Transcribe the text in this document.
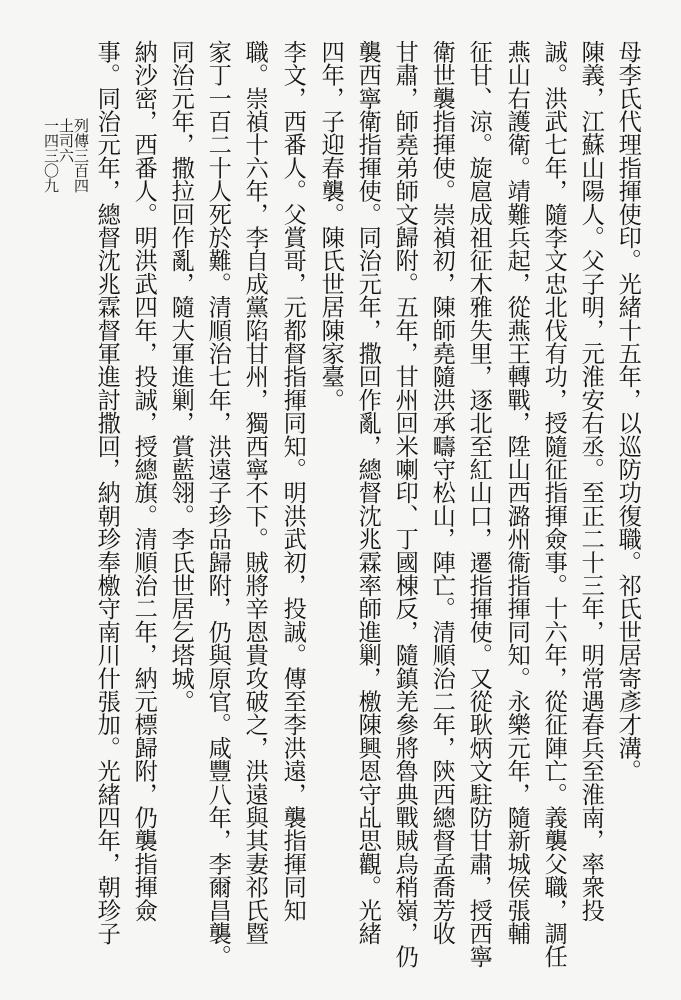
母李氏代理指揮使印。光緒十五年，以巡防功復職。祁氏世居寄彥才溝。
陳義，江蘇山陽人。父子明，元淮安右丞。至正二十三年，明常遇春兵至淮南，率衆投
誠。洪武七年，隨李文忠北伐有功，授隨征指揮僉事。十六年，從征陣亡。義襲父職，調任
燕山右護衛。靖難兵起，從燕王轉戰，陞山西潞州衞指揮同知。永樂元年，隨新城侯張輔
征甘、涼。旋扈成祖征木雅失里，逐北至紅山口，遷指揮使。又從耿炳文駐防甘肅，授西寧
衛世襲指揮使。崇禎初，陳師堯隨洪承疇守松山，陣亡。清順治二年，陝西總督孟喬芳收
甘肅，師堯弟師文歸附。五年，甘州回米喇印、丁國棟反，隨鎮羌參將魯典戰賊烏稍嶺，仍
襲西寧衛指揮使。同治元年，撒回作亂，總督沈兆霖率師進剿，檄陳興恩守乩思觀。光緒
四年，子迎春襲。陳氏世居陳家臺。
李文，西番人。父賞哥，元都督指揮同知。明洪武初，投誠。傳至李洪遠，襲指揮同知
職。崇禎十六年，李自成黨陷甘州，獨西寧不下。賊將辛恩貴攻破之，洪遠與其妻祁氏暨
家丁一百二十人死於難。清順治七年，洪遠子珍品歸附，仍與原官。咸豐八年，李爾昌襲。
同治元年，撒拉回作亂，隨大軍進剿，賞藍翎。李氏世居乞塔城。
納沙密，西番人。明洪武四年，投誠，授總旗。清順治二年，納元標歸附，仍襲指揮僉
事。同治元年，總督沈兆霖督軍進討撒回，納朝珍奉檄守南川什張加。光緒四年，朝珍子
列傳三百四
土司六
一四三〇九
